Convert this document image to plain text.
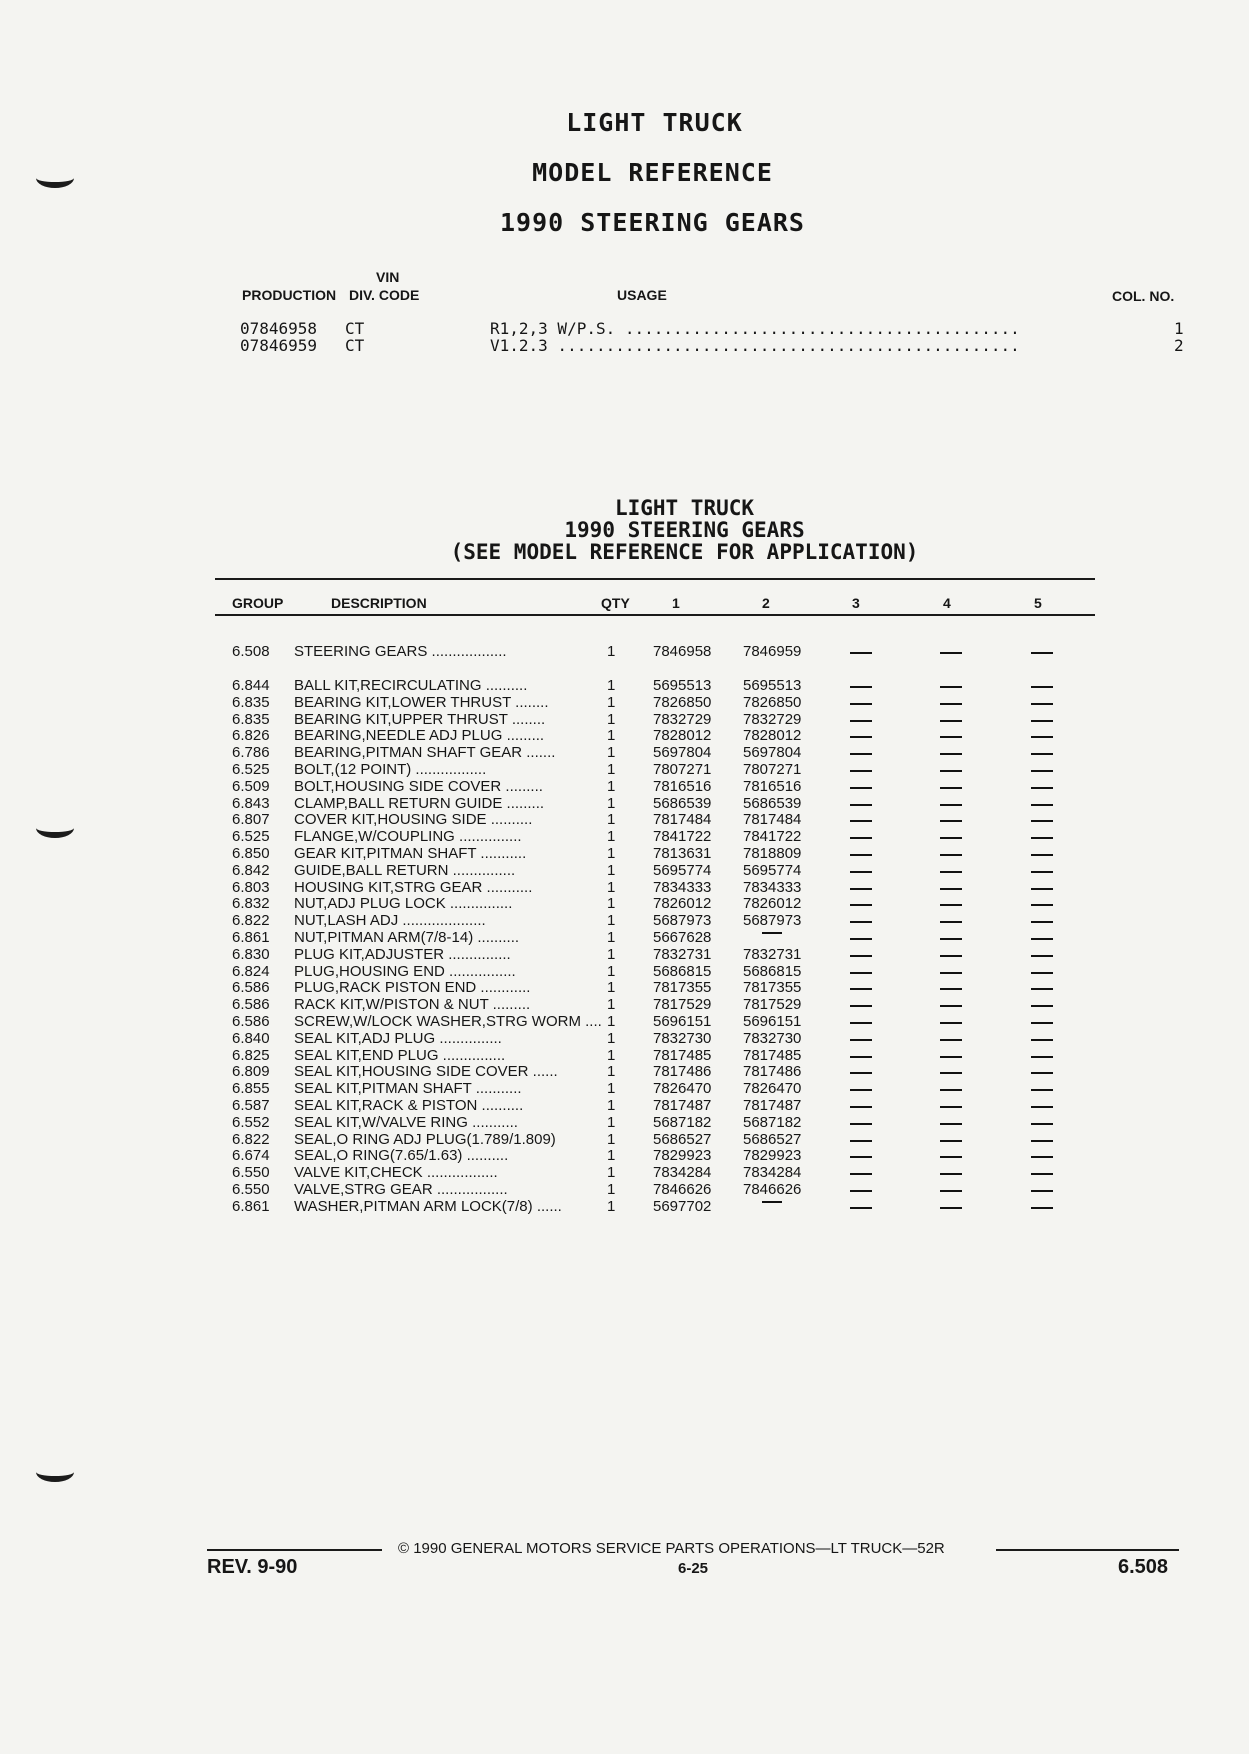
LIGHT TRUCK
MODEL REFERENCE
1990 STEERING GEARS
VIN
PRODUCTION DIV. CODE	USAGE	COL. NO.
07846958 CT	R1,2,3 W/P.S. .........................................	1
07846959 CT	V1.2.3 ................................................	2
LIGHT TRUCK
1990 STEERING GEARS
(SEE MODEL REFERENCE FOR APPLICATION)
GROUP	DESCRIPTION	QTY	1	2	3	4	5
6.508 STEERING GEARS ..................	1	7846958 7846959
6.844 BALL KIT,RECIRCULATING ..........	1	5695513 5695513
6.835 BEARING KIT,LOWER THRUST ........	1	7826850 7826850
6.835 BEARING KIT,UPPER THRUST ........	1	7832729 7832729
6.826 BEARING,NEEDLE ADJ PLUG .........	1	7828012 7828012
6.786 BEARING,PITMAN SHAFT GEAR .......	1	5697804 5697804
6.525 BOLT,(12 POINT) .................	1	7807271 7807271
6.509 BOLT,HOUSING SIDE COVER .........	1	7816516 7816516
6.843 CLAMP,BALL RETURN GUIDE .........	1	5686539 5686539
6.807 COVER KIT,HOUSING SIDE ..........	1	7817484 7817484
6.525 FLANGE,W/COUPLING ...............	1	7841722 7841722
6.850 GEAR KIT,PITMAN SHAFT ...........	1	7813631 7818809
6.842 GUIDE,BALL RETURN ...............	1	5695774 5695774
6.803 HOUSING KIT,STRG GEAR ...........	1	7834333 7834333
6.832 NUT,ADJ PLUG LOCK ...............	1	7826012 7826012
6.822 NUT,LASH ADJ ....................	1	5687973 5687973
6.861 NUT,PITMAN ARM(7/8-14) ..........	1	5667628
6.830 PLUG KIT,ADJUSTER ...............	1	7832731 7832731
6.824 PLUG,HOUSING END ................	1	5686815 5686815
6.586 PLUG,RACK PISTON END ............	1	7817355 7817355
6.586 RACK KIT,W/PISTON & NUT .........	1	7817529 7817529
6.586 SCREW,W/LOCK WASHER,STRG WORM .... 1	5696151 5696151
6.840 SEAL KIT,ADJ PLUG ...............	1	7832730 7832730
6.825 SEAL KIT,END PLUG ...............	1	7817485 7817485
6.809 SEAL KIT,HOUSING SIDE COVER ......	1	7817486 7817486
6.855 SEAL KIT,PITMAN SHAFT ...........	1	7826470 7826470
6.587 SEAL KIT,RACK & PISTON ..........	1	7817487 7817487
6.552 SEAL KIT,W/VALVE RING ...........	1	5687182 5687182
6.822 SEAL,O RING ADJ PLUG(1.789/1.809)	1	5686527 5686527
6.674 SEAL,O RING(7.65/1.63) ..........	1	7829923 7829923
6.550 VALVE KIT,CHECK .................	1	7834284 7834284
6.550 VALVE,STRG GEAR .................	1	7846626 7846626
6.861 WASHER,PITMAN ARM LOCK(7/8) ......	1	5697702
© 1990 GENERAL MOTORS SERVICE PARTS OPERATIONS—LT TRUCK—52R
REV. 9-90	6-25	6.508
